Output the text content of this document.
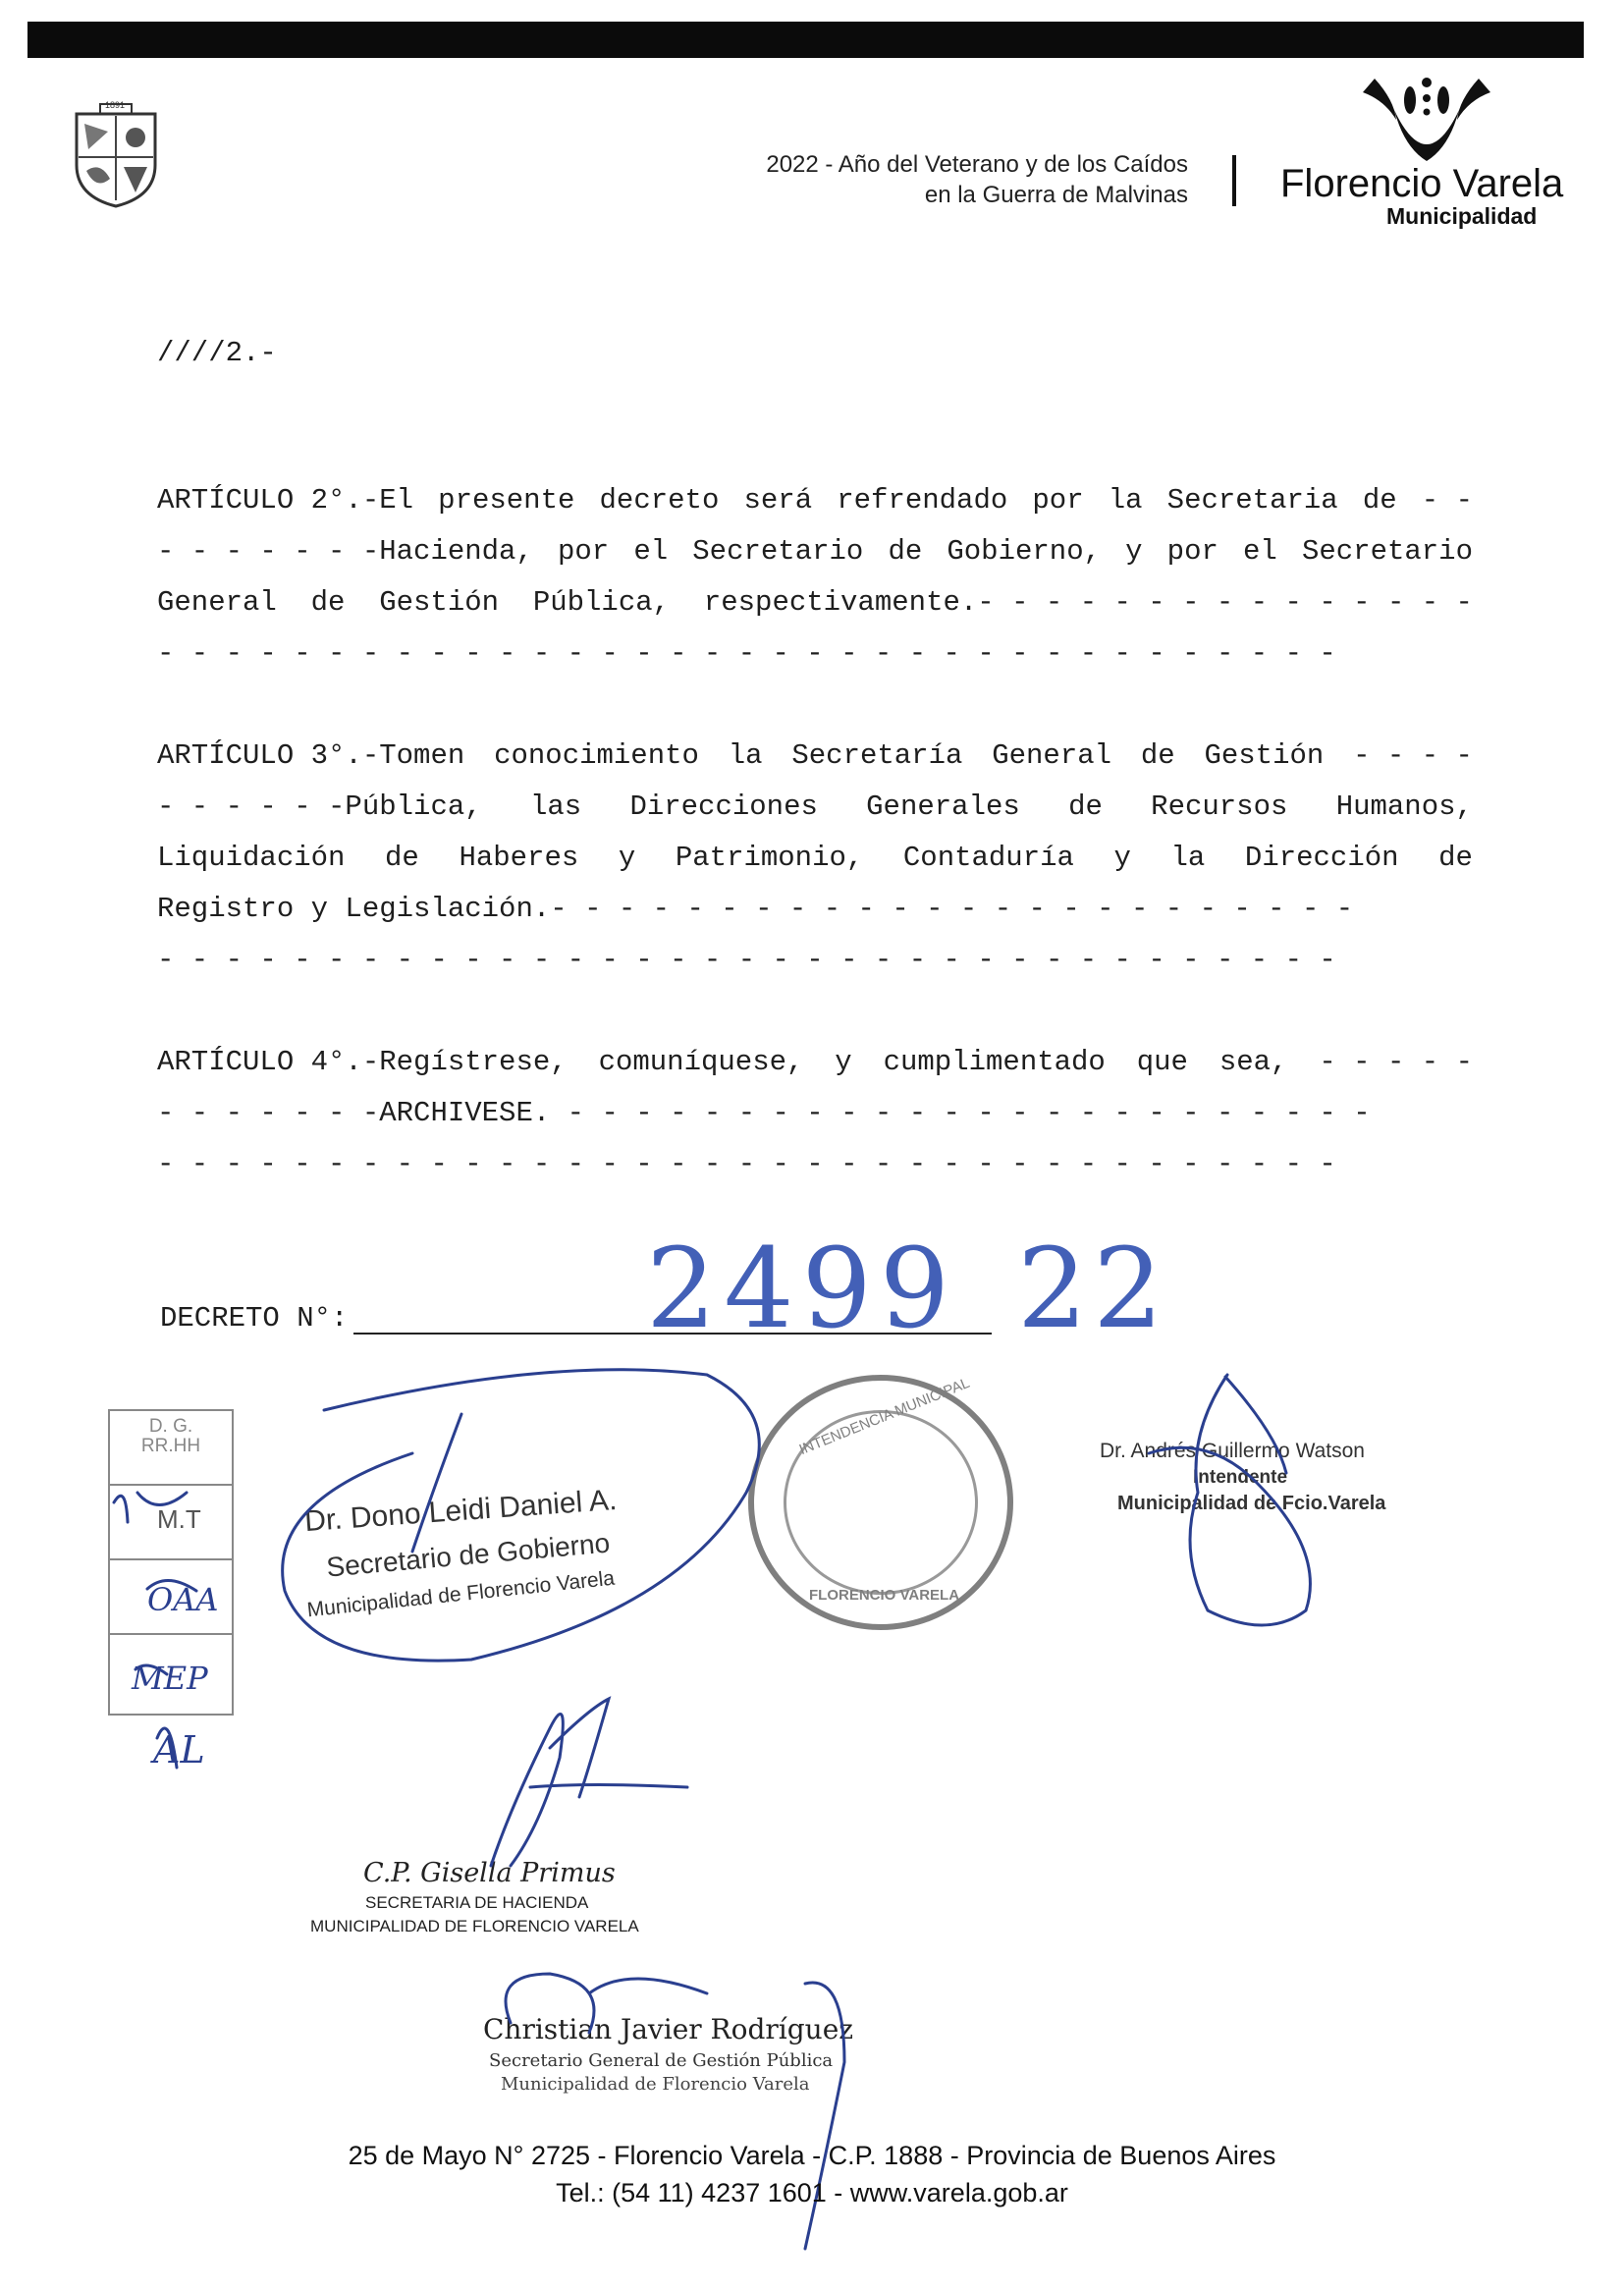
1891
2022 - Año del Veterano y de los Caídos
en la Guerra de Malvinas Florencio Varela
Municipalidad
////2.-
ARTÍCULO 2°.-El presente decreto será refrendado por la Secretaria de - -
- - - - - - -Hacienda, por el Secretario de Gobierno, y por el Secretario
General de Gestión Pública, respectivamente.- - - - - - - - - - - - - - -
- - - - - - - - - - - - - - - - - - - - - - - - - - - - - - - - - - -
ARTÍCULO 3°.-Tomen conocimiento la Secretaría General de Gestión - - - -
- - - - - -Pública, las Direcciones Generales de Recursos Humanos,
Liquidación de Haberes y Patrimonio, Contaduría y la Dirección de
Registro y Legislación.- - - - - - - - - - - - - - - - - - - - - - - -
- - - - - - - - - - - - - - - - - - - - - - - - - - - - - - - - - - -
ARTÍCULO 4°.-Regístrese, comuníquese, y cumplimentado que sea, - - - - -
- - - - - - -ARCHIVESE. - - - - - - - - - - - - - - - - - - - - - - - -
- - - - - - - - - - - - - - - - - - - - - - - - - - - - - - - - - - -
DECRETO N°:	2499 22
D. G.
RR.HH
M.T
OAA
MEP
AL
Dr. Dono Leidi Daniel A.
Secretario de Gobierno
Municipalidad de Florencio Varela
INTENDENCIA MUNICIPAL
FLORENCIO VARELA
Dr. Andrés Guillermo Watson
Intendente
Municipalidad de Fcio.Varela
C.P. Gisella Primus
SECRETARIA DE HACIENDA
MUNICIPALIDAD DE FLORENCIO VARELA
Christian Javier Rodríguez
Secretario General de Gestión Pública
Municipalidad de Florencio Varela
25 de Mayo N° 2725 - Florencio Varela - C.P. 1888 - Provincia de Buenos Aires
Tel.: (54 11) 4237 1601 - www.varela.gob.ar
